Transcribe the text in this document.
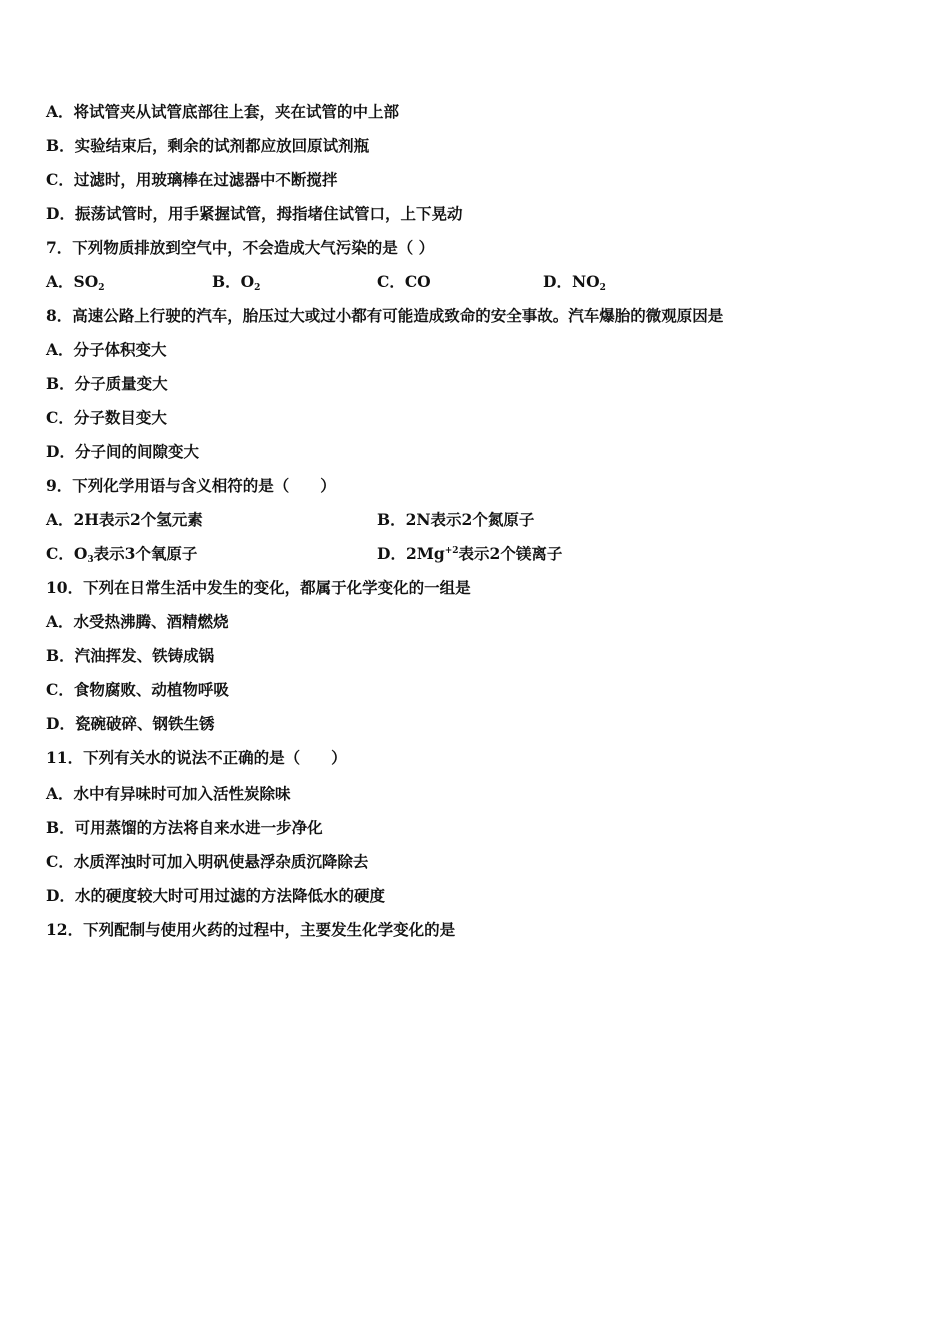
A．将试管夹从试管底部往上套，夹在试管的中上部
B．实验结束后，剩余的试剂都应放回原试剂瓶
C．过滤时，用玻璃棒在过滤器中不断搅拌
D．振荡试管时，用手紧握试管，拇指堵住试管口，上下晃动
7．下列物质排放到空气中，不会造成大气污染的是（ ）
A．$SO_2$	B．$O_2$	C．CO	D．$NO_2$
8．高速公路上行驶的汽车，胎压过大或过小都有可能造成致命的安全事故。汽车爆胎的微观原因是
A．分子体积变大
B．分子质量变大
C．分子数目变大
D．分子间的间隙变大
9．下列化学用语与含义相符的是（　　）
A．2H表示2个氢元素	B．2N表示2个氮原子
C．$O_3$表示3个氧原子	D．$2Mg^{+2}$表示2个镁离子
10．下列在日常生活中发生的变化，都属于化学变化的一组是
A．水受热沸腾、酒精燃烧
B．汽油挥发、铁铸成锅
C．食物腐败、动植物呼吸
D．瓷碗破碎、钢铁生锈
11．下列有关水的说法不正确的是（　　）
A．水中有异味时可加入活性炭除味
B．可用蒸馏的方法将自来水进一步净化
C．水质浑浊时可加入明矾使悬浮杂质沉降除去
D．水的硬度较大时可用过滤的方法降低水的硬度
12．下列配制与使用火药的过程中，主要发生化学变化的是
